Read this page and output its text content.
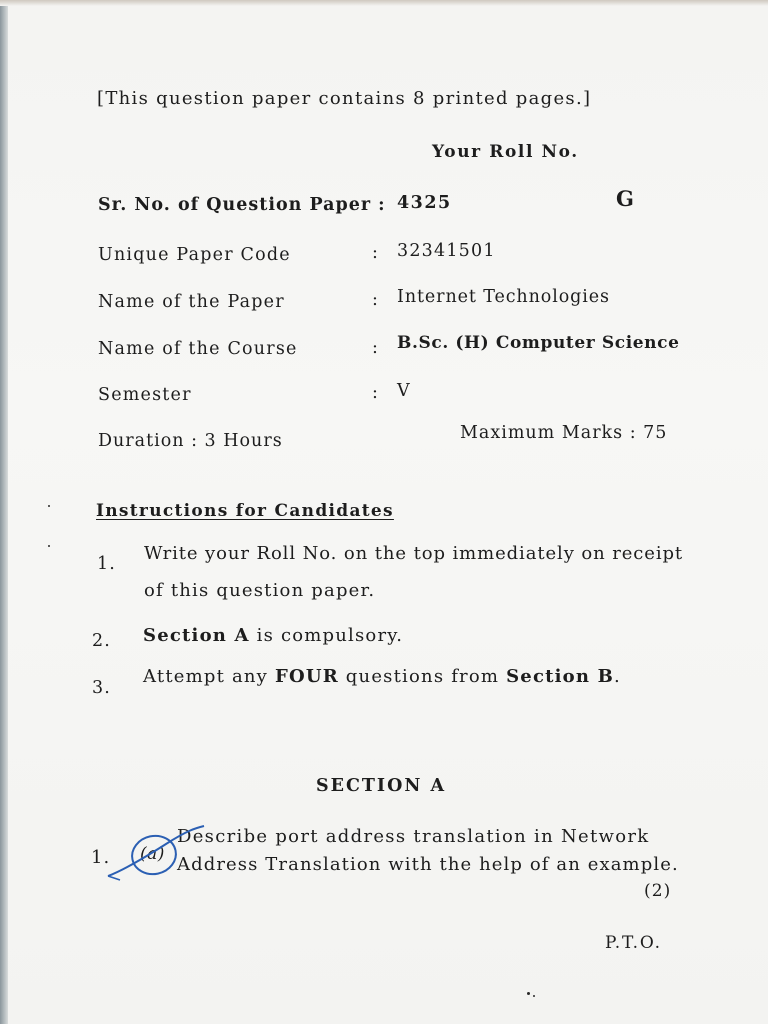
[This question paper contains 8 printed pages.]
Your Roll No.
Sr. No. of Question Paper : 4325	G
Unique Paper Code	: 32341501
Name of the Paper	: Internet Technologies
Name of the Course	: B.Sc. (H) Computer Science
Semester	: V
Duration : 3 Hours	Maximum Marks : 75
Instructions for Candidates
1. Write your Roll No. on the top immediately on receipt
of this question paper.
2. Section A is compulsory.
3.
Attempt any FOUR questions from Section B.
SECTION A
1. (a)
Describe port address translation in Network
Address Translation with the help of an example.
(2)
P.T.O.
